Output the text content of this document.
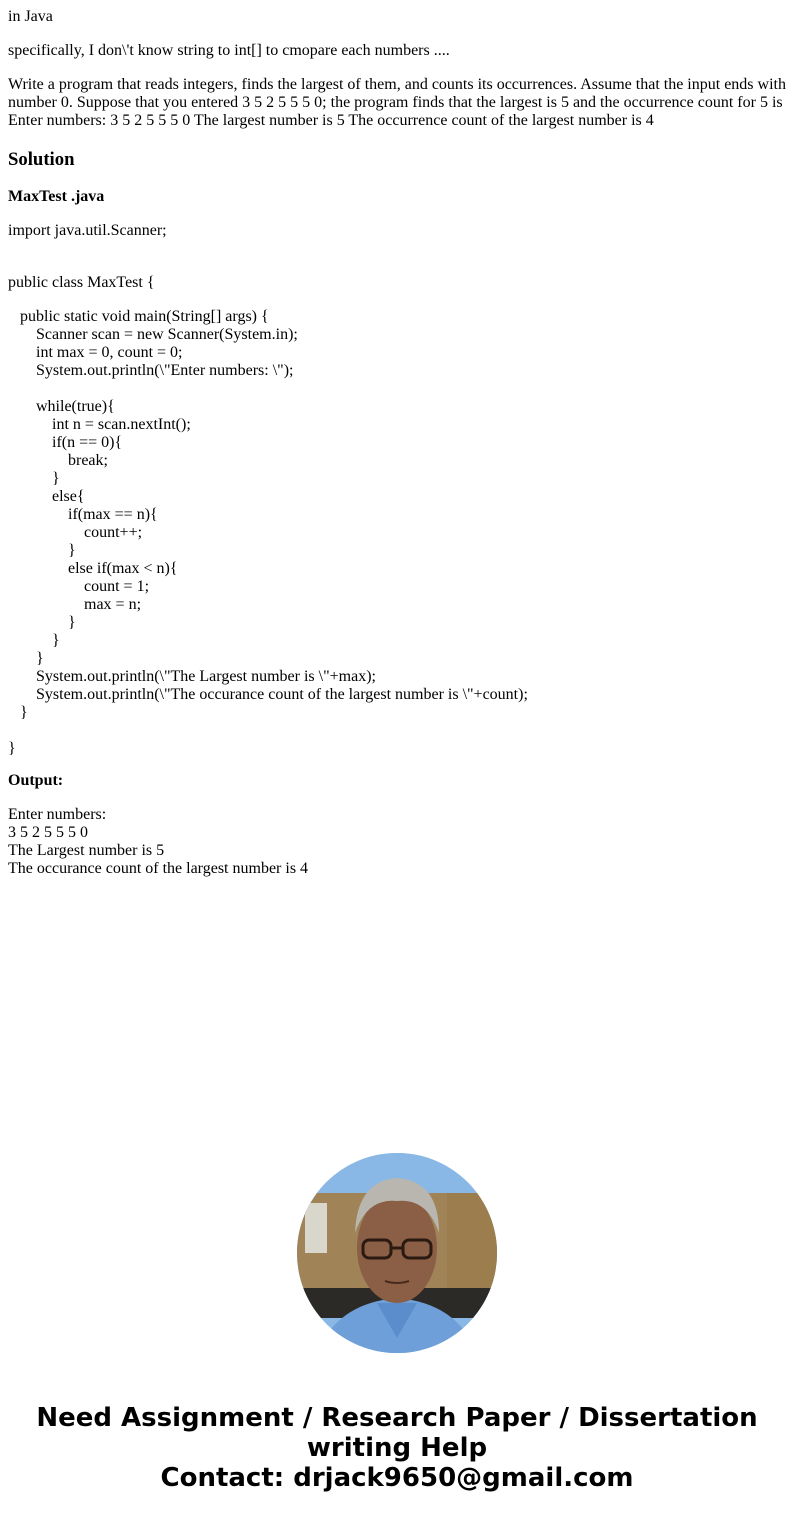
in Java
specifically, I don\'t know string to int[] to cmopare each numbers ....
Write a program that reads integers, finds the largest of them, and counts its occurrences. Assume that the input ends with
number 0. Suppose that you entered 3 5 2 5 5 5 0; the program finds that the largest is 5 and the occurrence count for 5 is
Enter numbers: 3 5 2 5 5 5 0 The largest number is 5 The occurrence count of the largest number is 4
Solution
MaxTest .java
import java.util.Scanner;
public class MaxTest {
public static void main(String[] args) {
Scanner scan = new Scanner(System.in);
int max = 0, count = 0;
System.out.println(\"Enter numbers: \");
while(true){
int n = scan.nextInt();
if(n == 0){
break;
}
else{
if(max == n){
count++;
}
else if(max < n){
count = 1;
max = n;
}
}
}
System.out.println(\"The Largest number is \"+max);
System.out.println(\"The occurance count of the largest number is \"+count);
}
}
Output:
Enter numbers:
3 5 2 5 5 5 0
The Largest number is 5
The occurance count of the largest number is 4
Need Assignment / Research Paper / Dissertation
writing Help
Contact: drjack9650@gmail.com
